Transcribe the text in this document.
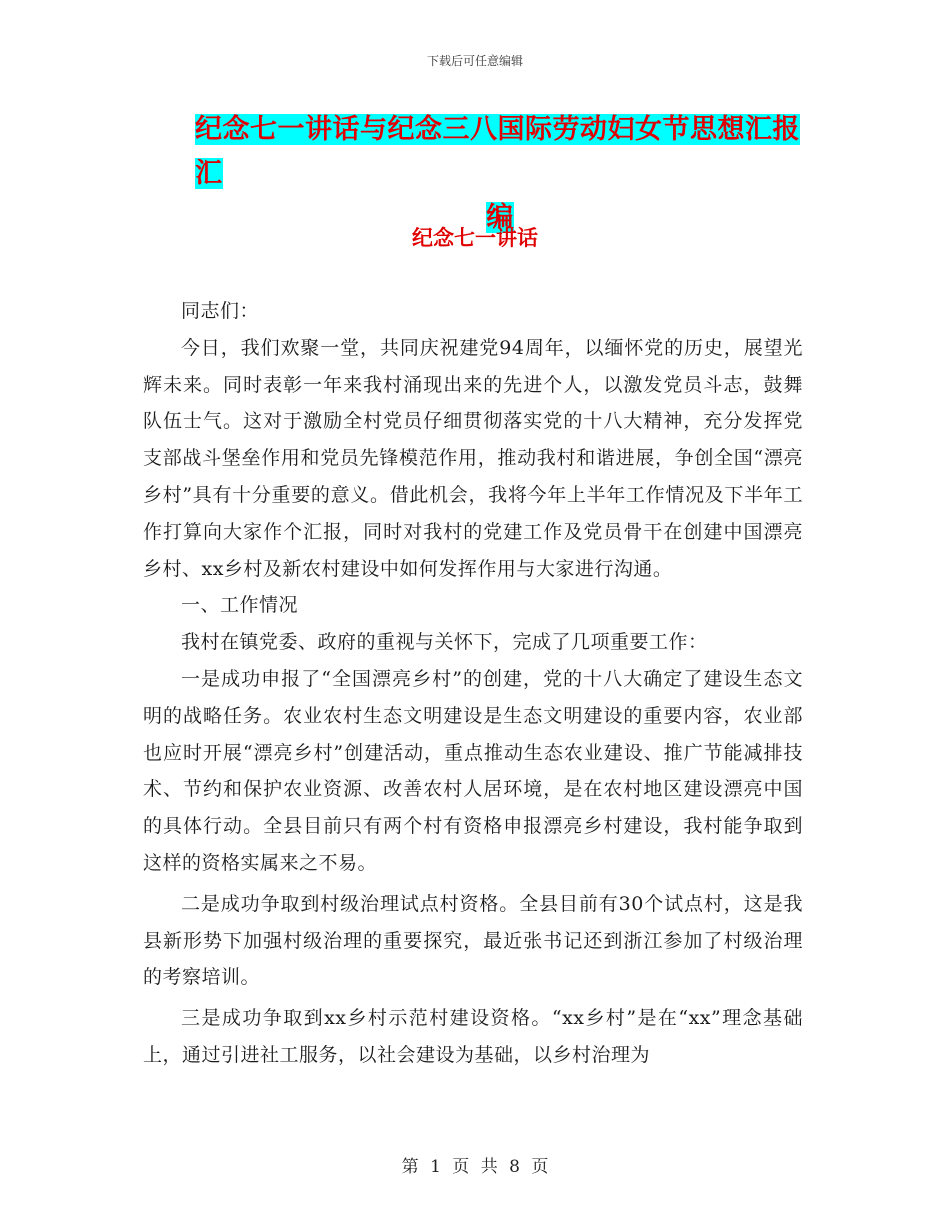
下载后可任意编辑
纪念七一讲话与纪念三八国际劳动妇女节思想汇报汇
编
纪念七一讲话

同志们：

今日，我们欢聚一堂，共同庆祝建党94周年，以缅怀党的历史，展望光辉未来。同时表彰一年来我村涌现出来的先进个人，以激发党员斗志，鼓舞队伍士气。这对于激励全村党员仔细贯彻落实党的十八大精神，充分发挥党支部战斗堡垒作用和党员先锋模范作用，推动我村和谐进展，争创全国“漂亮乡村”具有十分重要的意义。借此机会，我将今年上半年工作情况及下半年工作打算向大家作个汇报，同时对我村的党建工作及党员骨干在创建中国漂亮乡村、xx乡村及新农村建设中如何发挥作用与大家进行沟通。

一、工作情况

我村在镇党委、政府的重视与关怀下，完成了几项重要工作：

一是成功申报了“全国漂亮乡村”的创建，党的十八大确定了建设生态文明的战略任务。农业农村生态文明建设是生态文明建设的重要内容，农业部也应时开展“漂亮乡村”创建活动，重点推动生态农业建设、推广节能减排技术、节约和保护农业资源、改善农村人居环境，是在农村地区建设漂亮中国的具体行动。全县目前只有两个村有资格申报漂亮乡村建设，我村能争取到这样的资格实属来之不易。

二是成功争取到村级治理试点村资格。全县目前有30个试点村，这是我县新形势下加强村级治理的重要探究，最近张书记还到浙江参加了村级治理的考察培训。

三是成功争取到xx乡村示范村建设资格。“xx乡村”是在“xx”理念基础上，通过引进社工服务，以社会建设为基础，以乡村治理为

第 1 页 共 8 页
